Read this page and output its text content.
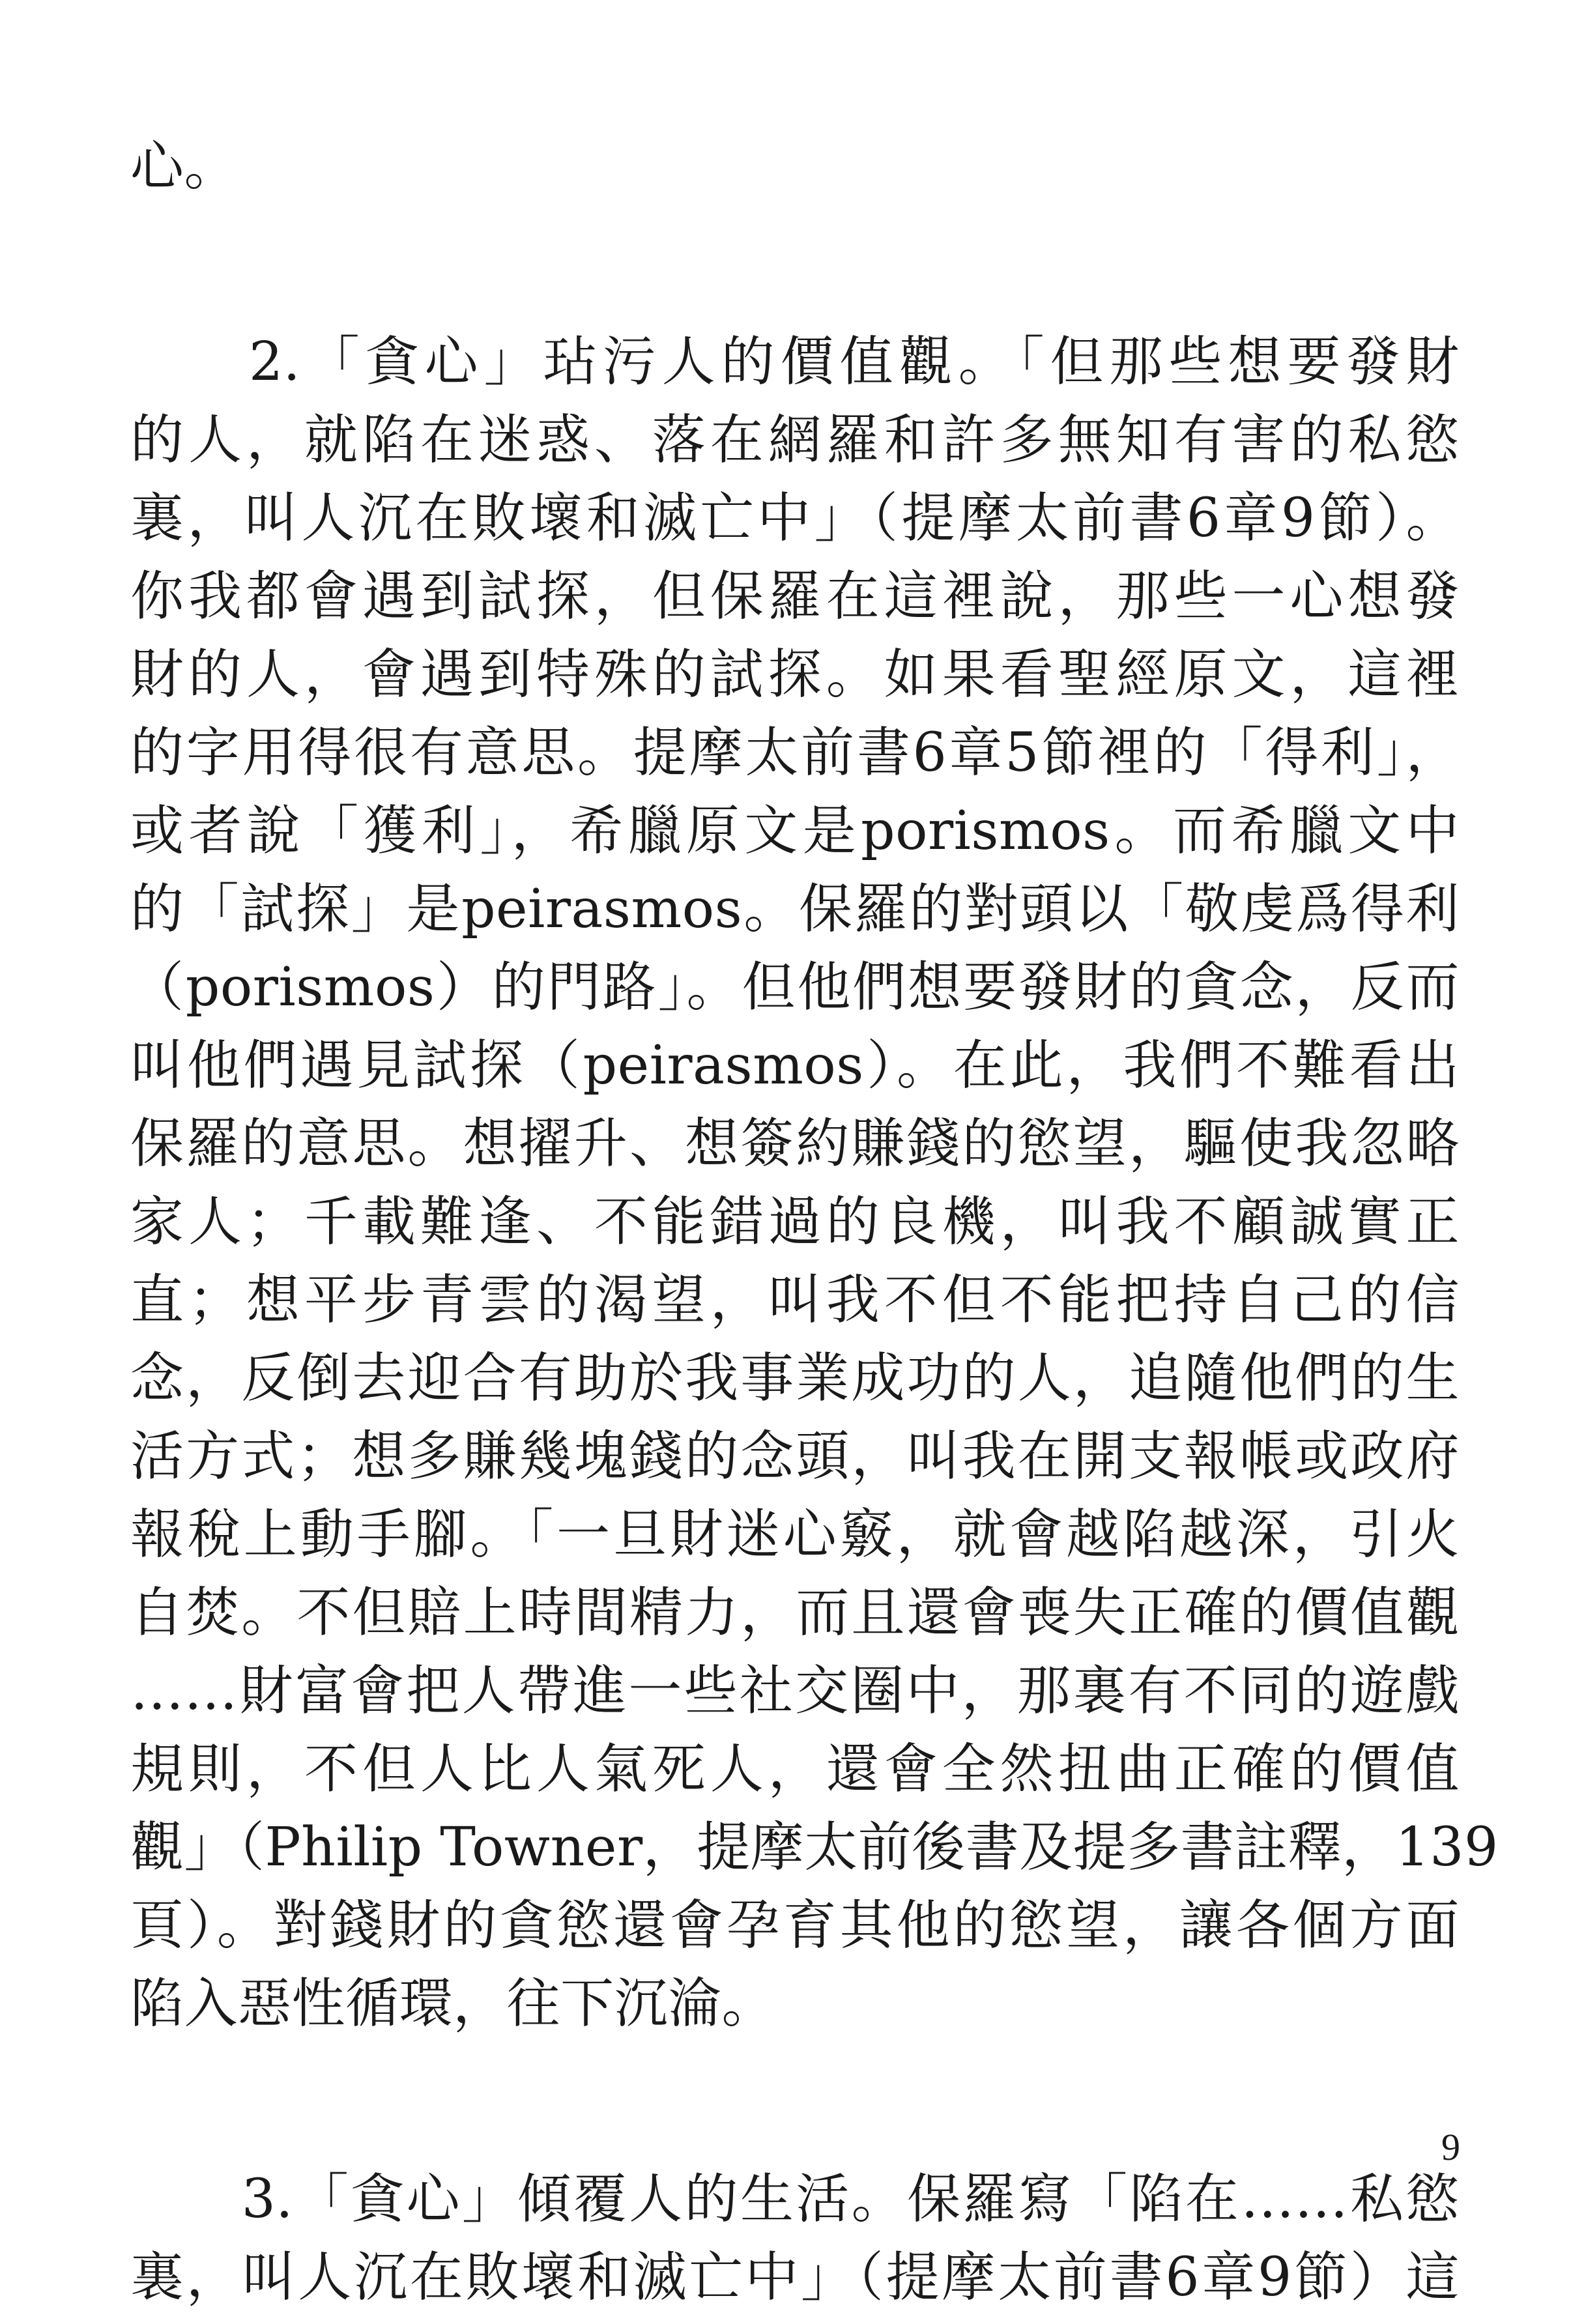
心。
　　2.「貪心」玷污人的價值觀。「但那些想要發財
的人，就陷在迷惑、落在網羅和許多無知有害的私慾
裏，叫人沉在敗壞和滅亡中」（提摩太前書6章9節）。
你我都會遇到試探，但保羅在這裡說，那些一心想發
財的人，會遇到特殊的試探。如果看聖經原文，這裡
的字用得很有意思。提摩太前書6章5節裡的「得利」，
或者說「獲利」，希臘原文是porismos。而希臘文中
的「試探」是peirasmos。保羅的對頭以「敬虔爲得利
（porismos）的門路」。但他們想要發財的貪念，反而
叫他們遇見試探（peirasmos）。在此，我們不難看出
保羅的意思。想擢升、想簽約賺錢的慾望，驅使我忽略
家人；千載難逢、不能錯過的良機，叫我不顧誠實正
直；想平步青雲的渴望，叫我不但不能把持自己的信
念，反倒去迎合有助於我事業成功的人，追隨他們的生
活方式；想多賺幾塊錢的念頭，叫我在開支報帳或政府
報稅上動手腳。「一旦財迷心竅，就會越陷越深，引火
自焚。不但賠上時間精力，而且還會喪失正確的價值觀
……財富會把人帶進一些社交圈中，那裏有不同的遊戲
規則，不但人比人氣死人，還會全然扭曲正確的價值
觀」（Philip Towner，提摩太前後書及提多書註釋，139
頁）。對錢財的貪慾還會孕育其他的慾望，讓各個方面
陷入惡性循環，往下沉淪。
　　3.「貪心」傾覆人的生活。保羅寫「陷在……私慾
裏，叫人沉在敗壞和滅亡中」（提摩太前書6章9節）這
9
